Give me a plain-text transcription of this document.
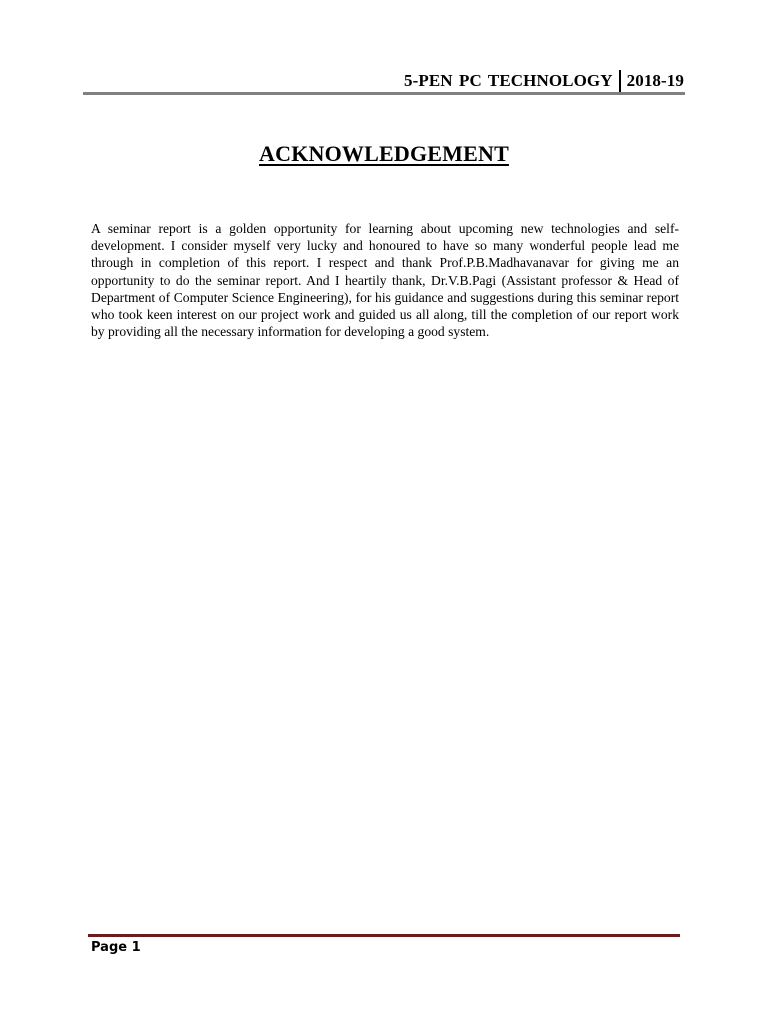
5-PEN PC TECHNOLOGY 2018-19
ACKNOWLEDGEMENT

A seminar report is a golden opportunity for learning about upcoming new technologies and self-development. I consider myself very lucky and honoured to have so many wonderful people lead me through in completion of this report. I respect and thank Prof.P.B.Madhavanavar for giving me an opportunity to do the seminar report. And I heartily thank, Dr.V.B.Pagi (Assistant professor & Head of Department of Computer Science Engineering), for his guidance and suggestions during this seminar report who took keen interest on our project work and guided us all along, till the completion of our report work by providing all the necessary information for developing a good system.

Page 1
